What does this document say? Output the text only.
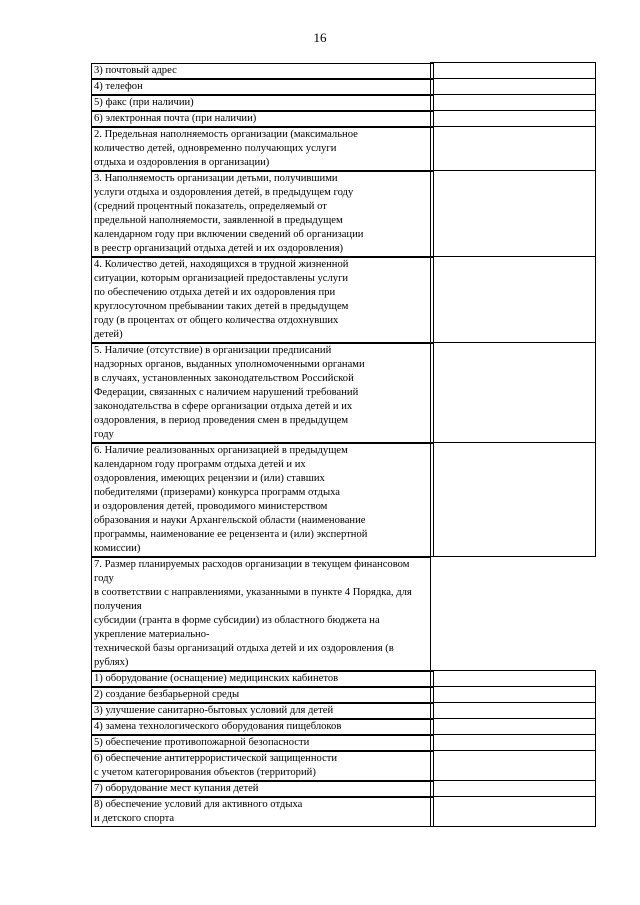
16
3) почтовый адрес

4) телефон

5) факс (при наличии)

6) электронная почта (при наличии)

2. Предельная наполняемость организации (максимальное
количество детей, одновременно получающих услуги
отдыха и оздоровления в организации)

3. Наполняемость организации детьми, получившими
услуги отдыха и оздоровления детей, в предыдущем году
(средний процентный показатель, определяемый от
предельной наполняемости, заявленной в предыдущем
календарном году при включении сведений об организации
в реестр организаций отдыха детей и их оздоровления)

4. Количество детей, находящихся в трудной жизненной
ситуации, которым организацией предоставлены услуги
по обеспечению отдыха детей и их оздоровления при
круглосуточном пребывании таких детей в предыдущем
году (в процентах от общего количества отдохнувших
детей)

5. Наличие (отсутствие) в организации предписаний
надзорных органов, выданных уполномоченными органами
в случаях, установленных законодательством Российской
Федерации, связанных с наличием нарушений требований
законодательства в сфере организации отдыха детей и их
оздоровления, в период проведения смен в предыдущем
году

6. Наличие реализованных организацией в предыдущем
календарном году программ отдыха детей и их
оздоровления, имеющих рецензии и (или) ставших
победителями (призерами) конкурса программ отдыха
и оздоровления детей, проводимого министерством
образования и науки Архангельской области (наименование
программы, наименование ее рецензента и (или) экспертной
комиссии)

7. Размер планируемых расходов организации в текущем финансовом году
в соответствии с направлениями, указанными в пункте 4 Порядка, для получения
субсидии (гранта в форме субсидии) из областного бюджета на укрепление материально-
технической базы организаций отдыха детей и их оздоровления (в рублях)

1) оборудование (оснащение) медицинских кабинетов

2) создание безбарьерной среды

3) улучшение санитарно-бытовых условий для детей

4) замена технологического оборудования пищеблоков

5) обеспечение противопожарной безопасности

6) обеспечение антитеррористической защищенности
с учетом категорирования объектов (территорий)

7) оборудование мест купания детей

8) обеспечение условий для активного отдыха
и детского спорта
